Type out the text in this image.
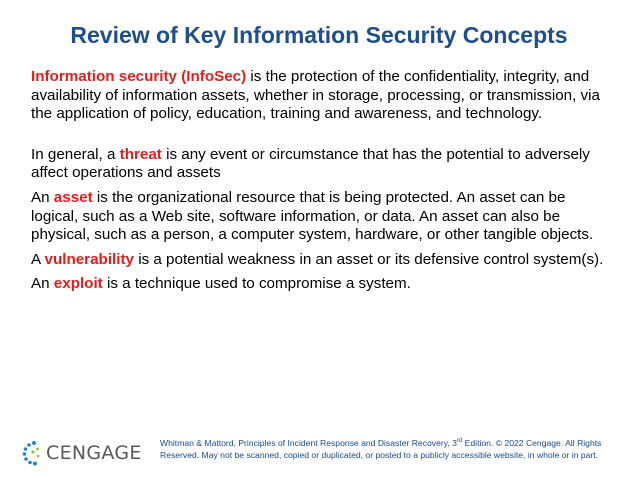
Review of Key Information Security Concepts

Information security (InfoSec) is the protection of the confidentiality, integrity, and availability of information assets, whether in storage, processing, or transmission, via the application of policy, education, training and awareness, and technology.

In general, a threat is any event or circumstance that has the potential to adversely affect operations and assets

An asset is the organizational resource that is being protected. An asset can be logical, such as a Web site, software information, or data. An asset can also be physical, such as a person, a computer system, hardware, or other tangible objects.

A vulnerability is a potential weakness in an asset or its defensive control system(s).

An exploit is a technique used to compromise a system.

CENGAGE Whitman & Mattord, Principles of Incident Response and Disaster Recovery, 3rd Edition. © 2022 Cengage. All Rights Reserved. May not be scanned, copied or duplicated, or posted to a publicly accessible website, in whole or in part.
